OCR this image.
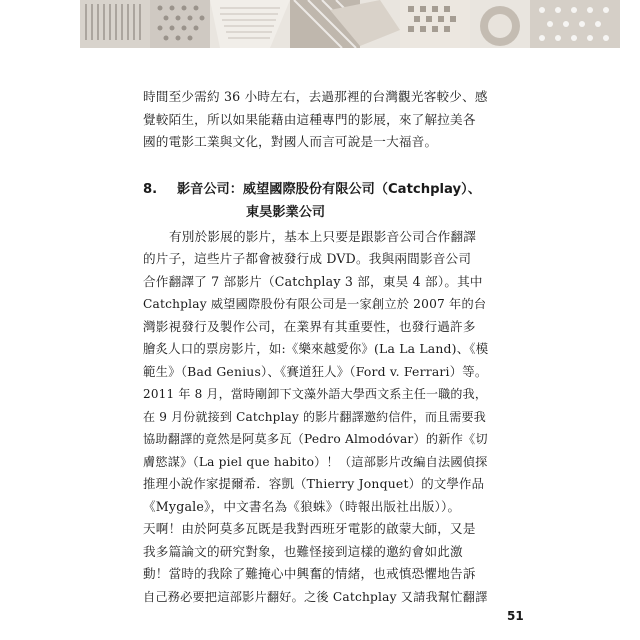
時間至少需約 36 小時左右，去過那裡的台灣觀光客較少、感
覺較陌生，所以如果能藉由這種專門的影展，來了解拉美各
國的電影工業與文化，對國人而言可說是一大福音。
8. 影音公司：威望國際股份有限公司（Catchplay）、
東昊影業公司
有別於影展的影片，基本上只要是跟影音公司合作翻譯
的片子，這些片子都會被發行成 DVD。我與兩間影音公司
合作翻譯了 7 部影片（Catchplay 3 部，東昊 4 部）。其中
Catchplay 威望國際股份有限公司是一家創立於 2007 年的台
灣影視發行及製作公司，在業界有其重要性，也發行過許多
膾炙人口的票房影片，如:《樂來越愛你》(La La Land)、《模
範生》（Bad Genius）、《賽道狂人》（Ford v. Ferrari）等。
2011 年 8 月，當時剛卸下文藻外語大學西文系主任一職的我，
在 9 月份就接到 Catchplay 的影片翻譯邀約信件，而且需要我
協助翻譯的竟然是阿莫多瓦（Pedro Almodóvar）的新作《切
膚慾謀》（La piel que habito）！（這部影片改編自法國偵探
推理小說作家提爾希．容凱（Thierry Jonquet）的文學作品
《Mygale》，中文書名為《狼蛛》（時報出版社出版））。
天啊！由於阿莫多瓦既是我對西班牙電影的啟蒙大師，又是
我多篇論文的研究對象，也難怪接到這樣的邀約會如此激
動！當時的我除了難掩心中興奮的情緒，也戒慎恐懼地告訴
自己務必要把這部影片翻好。之後 Catchplay 又請我幫忙翻譯
51
